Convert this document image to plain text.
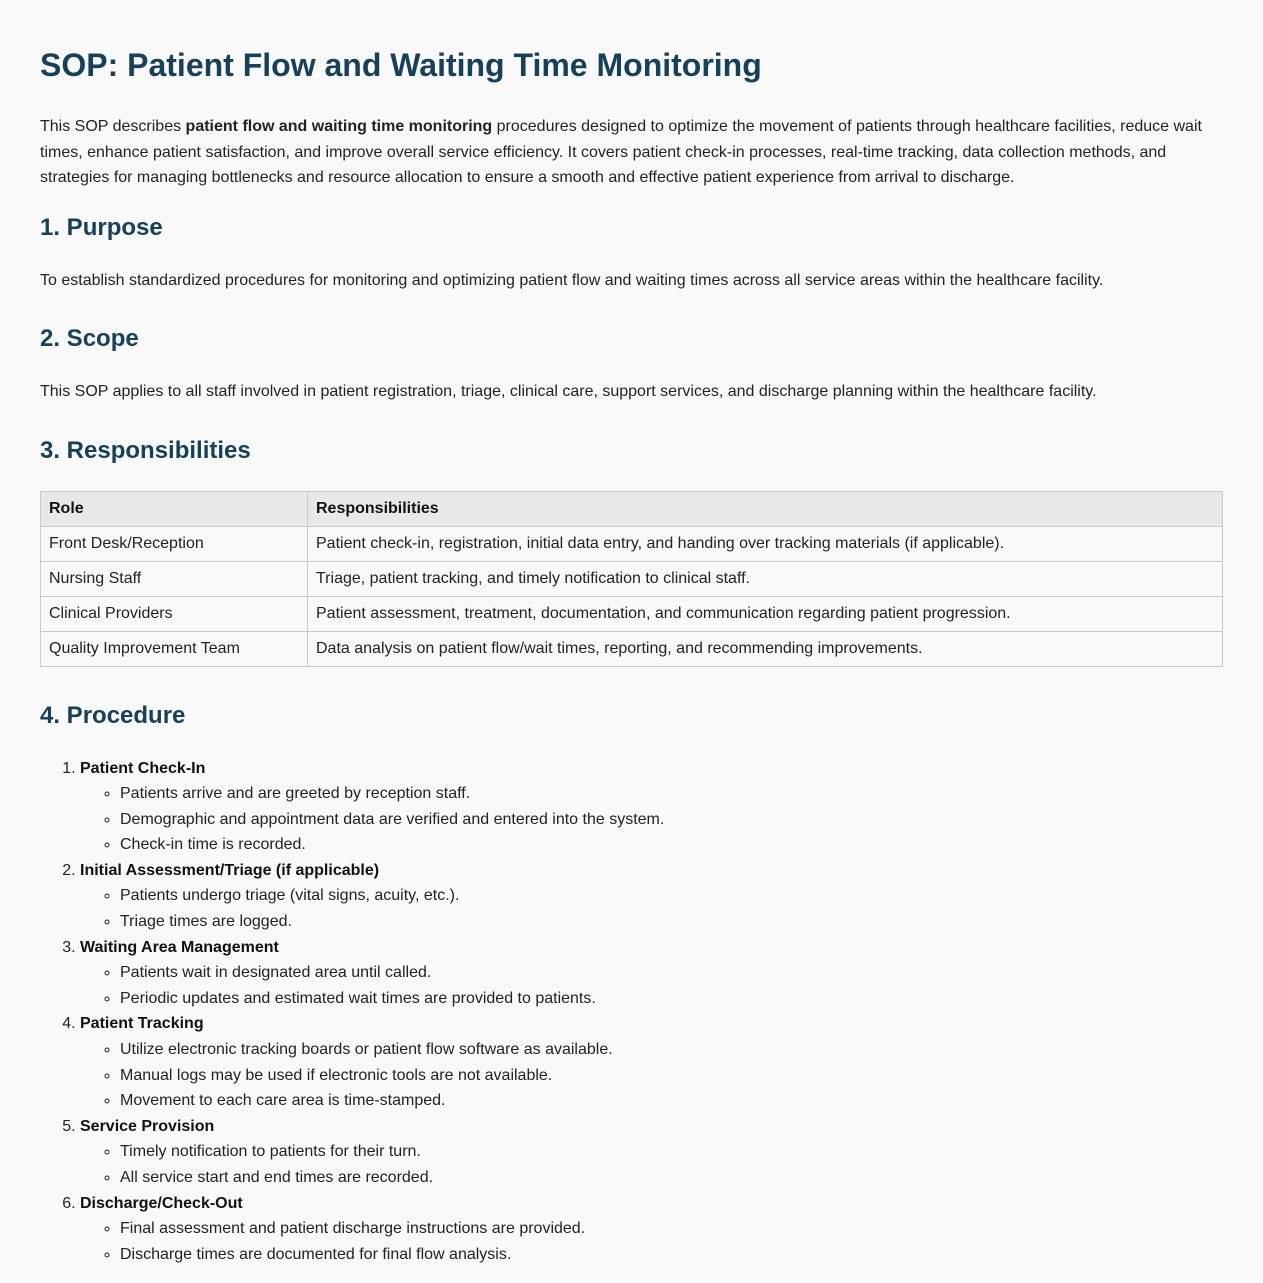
SOP: Patient Flow and Waiting Time Monitoring

This SOP describes patient flow and waiting time monitoring procedures designed to optimize the movement of patients through healthcare facilities, reduce wait times, enhance patient satisfaction, and improve overall service efficiency. It covers patient check-in processes, real-time tracking, data collection methods, and strategies for managing bottlenecks and resource allocation to ensure a smooth and effective patient experience from arrival to discharge.

1. Purpose

To establish standardized procedures for monitoring and optimizing patient flow and waiting times across all service areas within the healthcare facility.

2. Scope

This SOP applies to all staff involved in patient registration, triage, clinical care, support services, and discharge planning within the healthcare facility.

3. Responsibilities
Role	Responsibilities
Front Desk/Reception	Patient check-in, registration, initial data entry, and handing over tracking materials (if applicable).
Nursing Staff	Triage, patient tracking, and timely notification to clinical staff.
Clinical Providers	Patient assessment, treatment, documentation, and communication regarding patient progression.
Quality Improvement Team	Data analysis on patient flow/wait times, reporting, and recommending improvements.
4. Procedure
1. Patient Check-In
◦ Patients arrive and are greeted by reception staff.
◦ Demographic and appointment data are verified and entered into the system.
◦ Check-in time is recorded.
2. Initial Assessment/Triage (if applicable)
◦ Patients undergo triage (vital signs, acuity, etc.).
◦ Triage times are logged.
3. Waiting Area Management
◦ Patients wait in designated area until called.
◦ Periodic updates and estimated wait times are provided to patients.
4. Patient Tracking
◦ Utilize electronic tracking boards or patient flow software as available.
◦ Manual logs may be used if electronic tools are not available.
◦ Movement to each care area is time-stamped.
5. Service Provision
◦ Timely notification to patients for their turn.
◦ All service start and end times are recorded.
6. Discharge/Check-Out
◦ Final assessment and patient discharge instructions are provided.
◦ Discharge times are documented for final flow analysis.
